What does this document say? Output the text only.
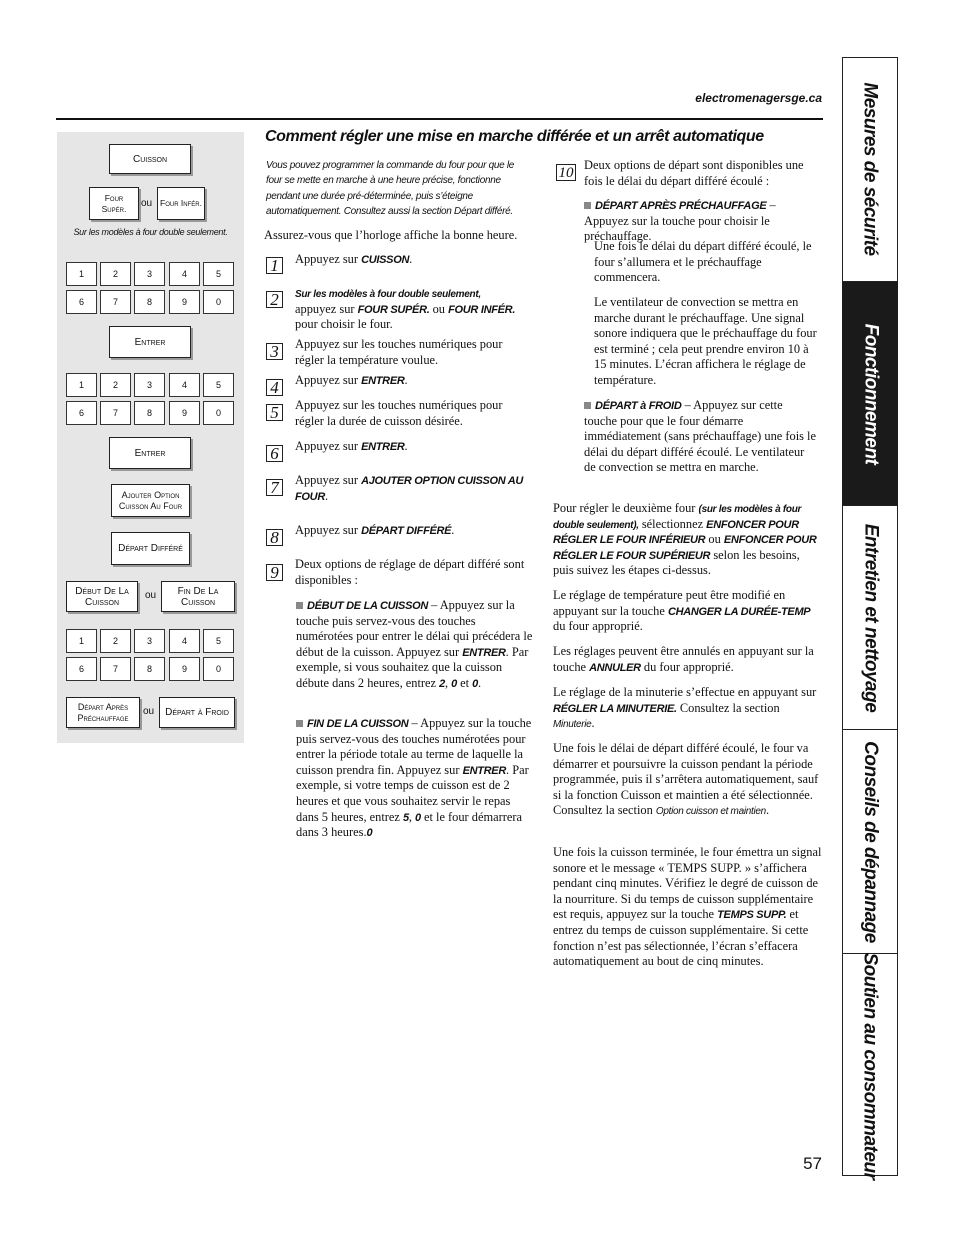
electromenagersge.ca
Cuisson
Four Supér.	ou Four Infér.
Sur les modèles à four double seulement.
Entrer
Entrer
Ajouter Option Cuisson Au Four
Départ Différé
Début De La Cuisson
ou	Fin De La Cuisson
Départ Après Préchauffage
ou Départ à Froid
Comment régler une mise en marche différée et un arrêt automatique
Vous pouvez programmer la commande du four pour que le four se mette en marche à une heure précise, fonctionne pendant une durée pré-déterminée, puis s’éteigne automatiquement. Consultez aussi la section Départ différé.
Assurez-vous que l’horloge affiche la bonne heure.
1	Appuyez sur CUISSON.
2	Sur les modèles à four double seulement,
appuyez sur FOUR SUPÉR. ou FOUR INFÉR.
pour choisir le four.
3	Appuyez sur les touches numériques pour régler la température voulue.
4	Appuyez sur ENTRER.
5	Appuyez sur les touches numériques pour régler la durée de cuisson désirée.
6	Appuyez sur ENTRER.
7	Appuyez sur AJOUTER OPTION CUISSON AU FOUR.
8	Appuyez sur DÉPART DIFFÉRÉ.
9	Deux options de réglage de départ différé sont disponibles :
DÉBUT DE LA CUISSON – Appuyez sur la touche puis servez-vous des touches numérotées pour entrer le délai qui précédera le début de la cuisson. Appuyez sur ENTRER. Par exemple, si vous souhaitez que la cuisson débute dans 2 heures, entrez 2, 0 et 0.
FIN DE LA CUISSON – Appuyez sur la touche puis servez-vous des touches numérotées pour entrer la période totale au terme de laquelle la cuisson prendra fin. Appuyez sur ENTRER. Par exemple, si votre temps de cuisson est de 2 heures et que vous souhaitez servir le repas dans 5 heures, entrez 5, 0 et le four démarrera dans 3 heures.0
10 Deux options de départ sont disponibles une fois le délai du départ différé écoulé :
DÉPART APRÈS PRÉCHAUFFAGE – Appuyez sur la touche pour choisir le préchauffage.
Une fois le délai du départ différé écoulé, le four s’allumera et le préchauffage commencera.
Le ventilateur de convection se mettra en marche durant le préchauffage. Une signal sonore indiquera que le préchauffage du four est terminé ; cela peut prendre environ 10 à 15 minutes. L’écran affichera le réglage de température.
DÉPART à FROID – Appuyez sur cette touche pour que le four démarre immédiatement (sans préchauffage) une fois le délai du départ différé écoulé. Le ventilateur de convection se mettra en marche.
Pour régler le deuxième four (sur les modèles à four double seulement), sélectionnez ENFONCER POUR RÉGLER LE FOUR INFÉRIEUR ou ENFONCER POUR RÉGLER LE FOUR SUPÉRIEUR selon les besoins, puis suivez les étapes ci-dessus.
Le réglage de température peut être modifié en appuyant sur la touche CHANGER LA DURÉE-TEMP du four approprié.
Les réglages peuvent être annulés en appuyant sur la touche ANNULER du four approprié.
Le réglage de la minuterie s’effectue en appuyant sur RÉGLER LA MINUTERIE. Consultez la section Minuterie.
Une fois le délai de départ différé écoulé, le four va démarrer et poursuivre la cuisson pendant la période programmée, puis il s’arrêtera automatiquement, sauf si la fonction Cuisson et maintien a été sélectionnée. Consultez la section Option cuisson et maintien.
Une fois la cuisson terminée, le four émettra un signal sonore et le message « TEMPS SUPP. » s’affichera pendant cinq minutes. Vérifiez le degré de cuisson de la nourriture. Si du temps de cuisson supplémentaire est requis, appuyez sur la touche TEMPS SUPP. et entrez du temps de cuisson supplémentaire. Si cette fonction n’est pas sélectionnée, l’écran s’effacera automatiquement au bout de cinq minutes.
Mesures de sécurité
Fonctionnement
Entretien et nettoyage
Conseils de dépannage
Soutien au consommateur
57
1	2	3	4	5
6	7	8	9	0
1	2	3	4	5
6	7	8	9	0
1	2	3	4	5
6	7	8	9	0
